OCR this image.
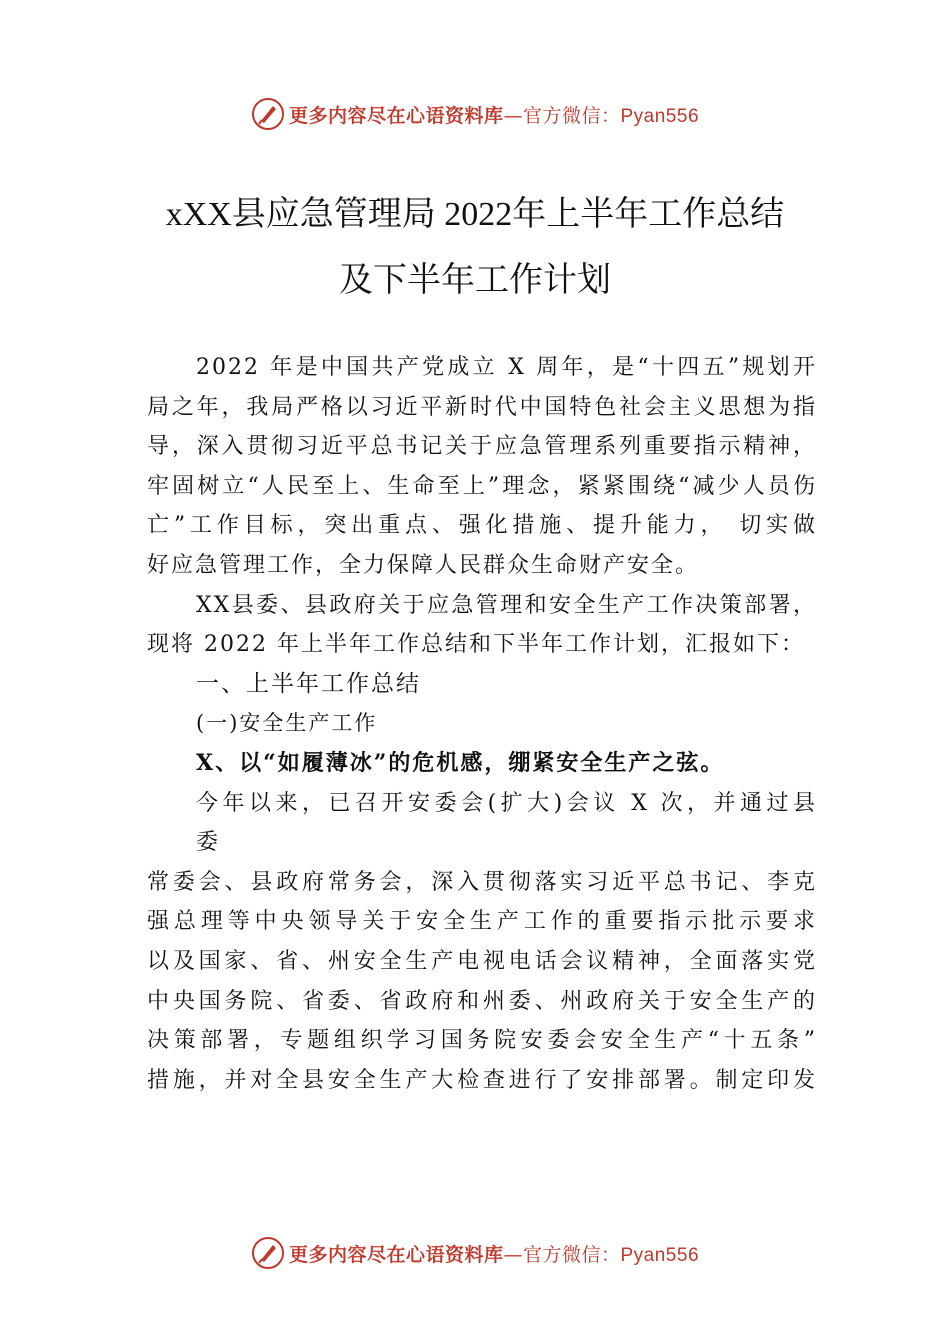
更多内容尽在心语资料库—官方微信：Pyan556
xXX县应急管理局 2022年上半年工作总结
及下半年工作计划
2022 年是中国共产党成立 X 周年，是“十四五”规划开
局之年，我局严格以习近平新时代中国特色社会主义思想为指
导，深入贯彻习近平总书记关于应急管理系列重要指示精神，
牢固树立“人民至上、生命至上”理念，紧紧围绕“减少人员伤
亡”工作目标，突出重点、强化措施、提升能力， 切实做
好应急管理工作，全力保障人民群众生命财产安全。
XX县委、县政府关于应急管理和安全生产工作决策部署，
现将 2022 年上半年工作总结和下半年工作计划，汇报如下：
一、上半年工作总结
(一)安全生产工作
X、以“如履薄冰”的危机感，绷紧安全生产之弦。
今年以来，已召开安委会(扩大)会议 X 次，并通过县
委
常委会、县政府常务会，深入贯彻落实习近平总书记、李克
强总理等中央领导关于安全生产工作的重要指示批示要求
以及国家、省、州安全生产电视电话会议精神，全面落实党
中央国务院、省委、省政府和州委、州政府关于安全生产的
决策部署，专题组织学习国务院安委会安全生产“十五条”
措施，并对全县安全生产大检查进行了安排部署。制定印发
更多内容尽在心语资料库—官方微信：Pyan556
